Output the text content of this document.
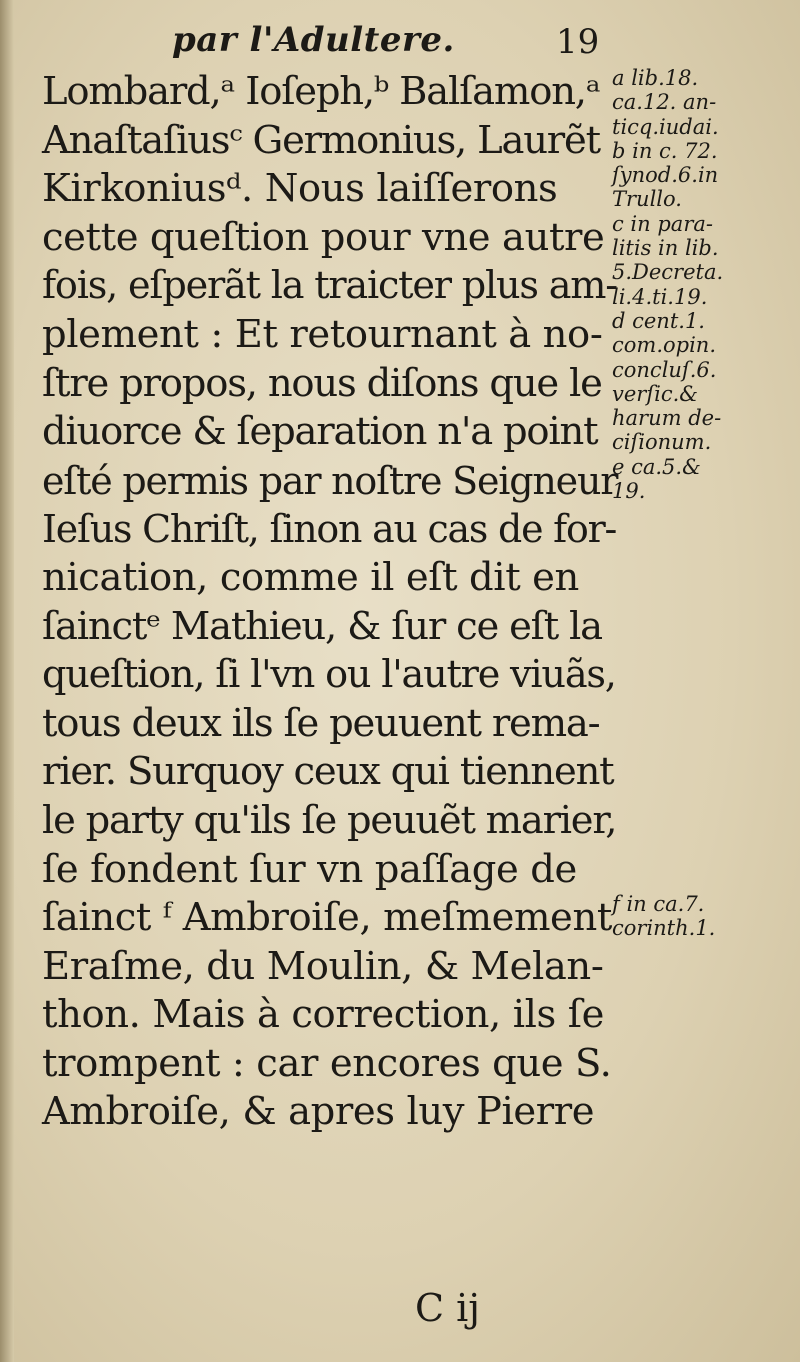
par l'Adultere.	19
Lombard,ᵃ Ioſeph,ᵇ Balſamon,ᵃ
Anaſtaſiusᶜ Germonius, Laurẽt
Kirkoniusᵈ. Nous laiſſerons
cette queſtion pour vne autre
fois, eſperãt la traicter plus am-
plement : Et retournant à no-
ſtre propos, nous diſons que le
diuorce & ſeparation n'a point
eſté permis par noſtre Seigneur
Ieſus Chriſt, ſinon au cas de for-
nication, comme il eſt dit en
ſainctᵉ Mathieu, & ſur ce eſt la
queſtion, ſi l'vn ou l'autre viuãs,
tous deux ils ſe peuuent rema-
rier. Surquoy ceux qui tiennent
le party qu'ils ſe peuuẽt marier,
ſe fondent ſur vn paſſage de
ſainct ᶠ Ambroiſe, meſmement
Eraſme, du Moulin, & Melan-
thon. Mais à correction, ils ſe
trompent : car encores que S.
Ambroiſe, & apres luy Pierre
a lib.18.
ca.12. an-
ticq.iudai.
b in c. 72.
ſynod.6.in
Trullo.
c in para-
litis in lib.
5.Decreta.
li.4.ti.19.
d cent.1.
com.opin.
concluſ.6.
verſic.&
harum de-
ciſionum.
e ca.5.&
19.
f in ca.7.
corinth.1.
C ij
